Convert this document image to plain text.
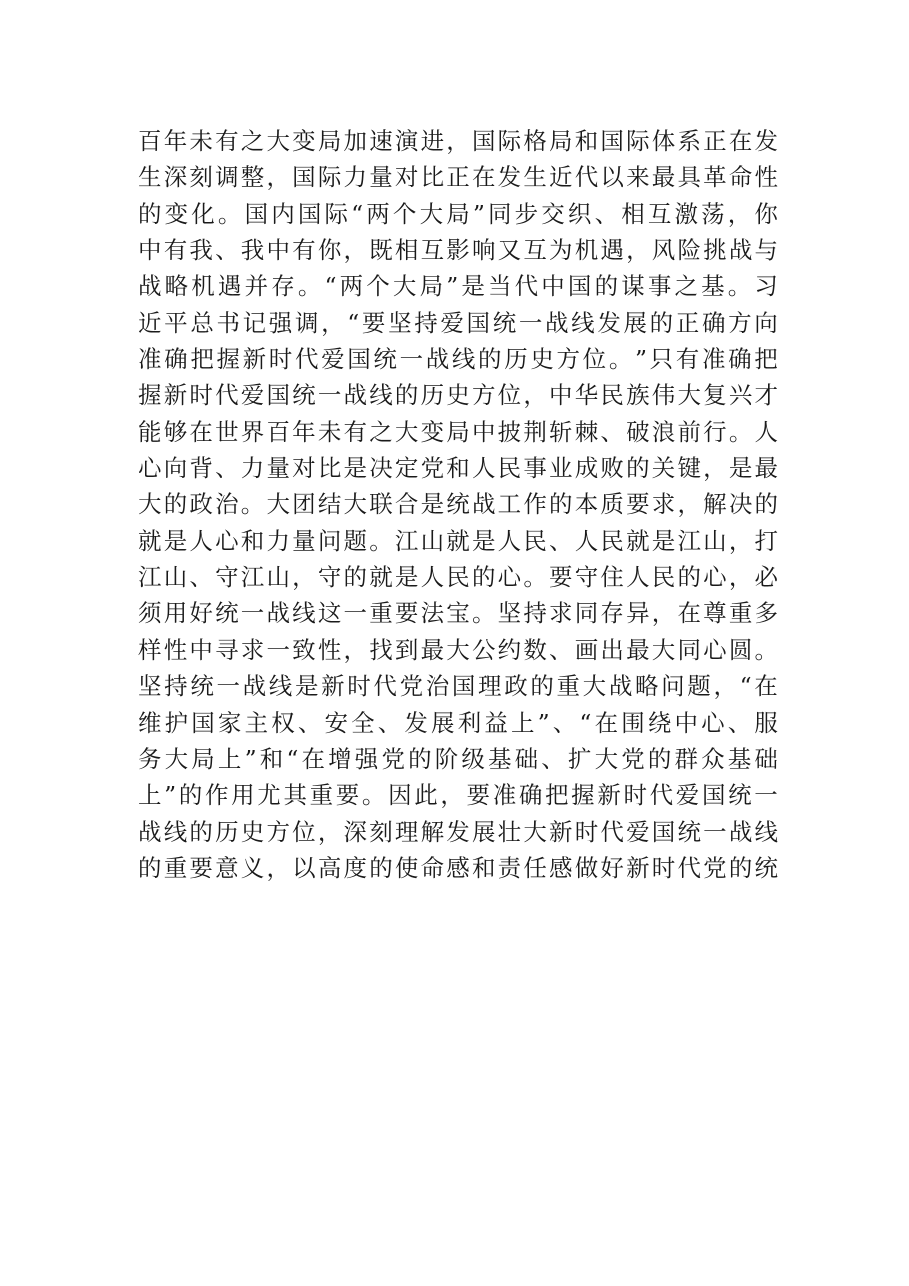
百 年 未 有 之 大 变 局 加 速 演 进 ， 国 际 格 局 和 国 际 体 系 正 在 发
生 深 刻 调 整 ， 国 际 力 量 对 比 正 在 发 生 近 代 以 来 最 具 革 命 性
的 变 化 。 国 内 国 际 “ 两 个 大 局 ” 同 步 交 织 、 相 互 激 荡 ， 你
中 有 我 、 我 中 有 你 ， 既 相 互 影 响 又 互 为 机 遇 ， 风 险 挑 战 与
战 略 机 遇 并 存 。 “ 两 个 大 局 ” 是 当 代 中 国 的 谋 事 之 基 。 习
近 平 总 书 记 强 调 ， “ 要 坚 持 爱 国 统 一 战 线 发 展 的 正 确 方 向
准 确 把 握 新 时 代 爱 国 统 一 战 线 的 历 史 方 位 。 ” 只 有 准 确 把
握 新 时 代 爱 国 统 一 战 线 的 历 史 方 位 ， 中 华 民 族 伟 大 复 兴 才
能 够 在 世 界 百 年 未 有 之 大 变 局 中 披 荆 斩 棘 、 破 浪 前 行 。 人
心 向 背 、 力 量 对 比 是 决 定 党 和 人 民 事 业 成 败 的 关 键 ， 是 最
大 的 政 治 。 大 团 结 大 联 合 是 统 战 工 作 的 本 质 要 求 ， 解 决 的
就 是 人 心 和 力 量 问 题 。 江 山 就 是 人 民 、 人 民 就 是 江 山 ， 打
江 山 、 守 江 山 ， 守 的 就 是 人 民 的 心 。 要 守 住 人 民 的 心 ， 必
须 用 好 统 一 战 线 这 一 重 要 法 宝 。 坚 持 求 同 存 异 ， 在 尊 重 多
样 性 中 寻 求 一 致 性 ， 找 到 最 大 公 约 数 、 画 出 最 大 同 心 圆 。
坚 持 统 一 战 线 是 新 时 代 党 治 国 理 政 的 重 大 战 略 问 题 ， “ 在
维 护 国 家 主 权 、 安 全 、 发 展 利 益 上 ” 、 “ 在 围 绕 中 心 、 服
务 大 局 上 ” 和 “ 在 增 强 党 的 阶 级 基 础 、 扩 大 党 的 群 众 基 础
上 ” 的 作 用 尤 其 重 要 。 因 此 ， 要 准 确 把 握 新 时 代 爱 国 统 一
战 线 的 历 史 方 位 ， 深 刻 理 解 发 展 壮 大 新 时 代 爱 国 统 一 战 线
的 重 要 意 义 ， 以 高 度 的 使 命 感 和 责 任 感 做 好 新 时 代 党 的 统
